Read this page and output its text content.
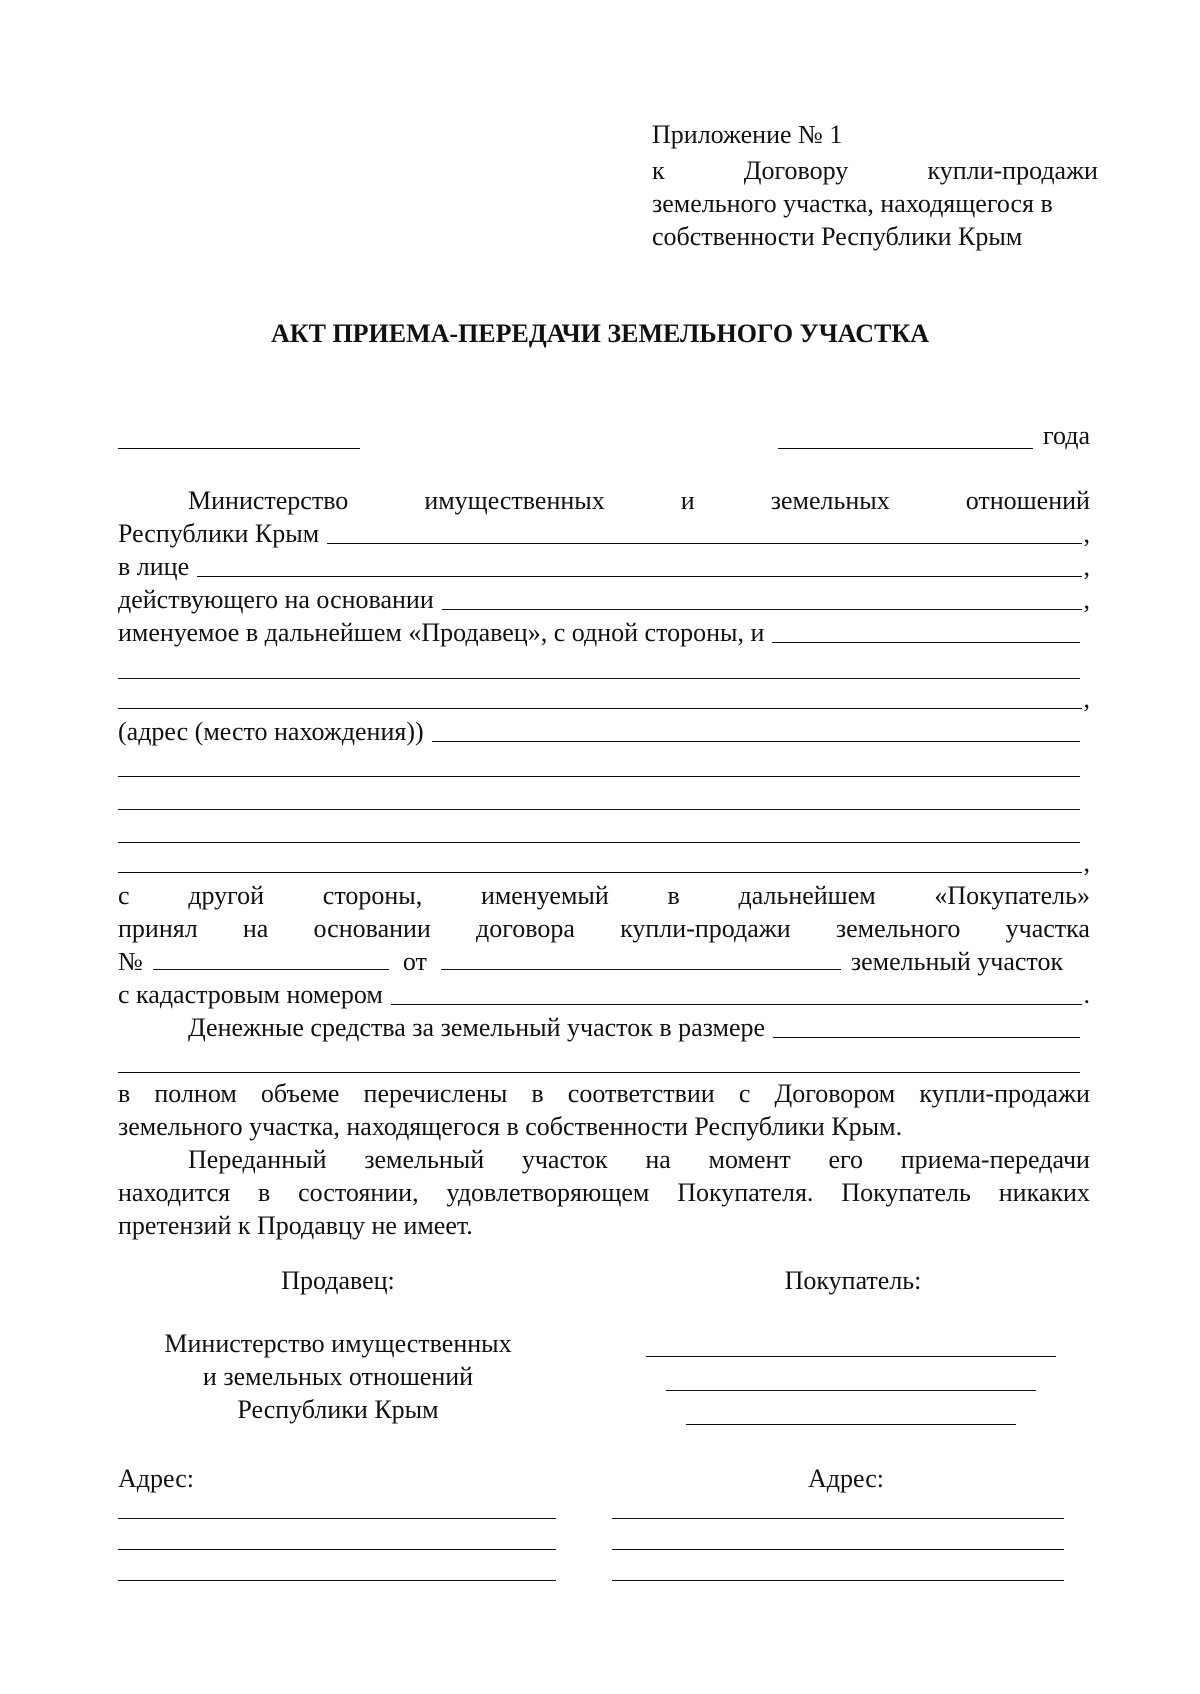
Приложение № 1
к	Договору	купли-продажи
земельного участка, находящегося в
собственности Республики Крым
АКТ ПРИЕМА-ПЕРЕДАЧИ ЗЕМЕЛЬНОГО УЧАСТКА
года
Министерство	имущественных	и	земельных	отношений
Республики Крым	,
в лице	,
действующего на основании	,
именуемое в дальнейшем «Продавец», с одной стороны, и
,
(адрес (место нахождения))
,
с другой стороны, именуемый в дальнейшем «Покупатель»
принял на основании договора купли-продажи земельного участка
№	от	земельный участок
с кадастровым номером	.
Денежные средства за земельный участок в размере
в полном объеме перечислены в соответствии с Договором купли-продажи
земельного участка, находящегося в собственности Республики Крым.
Переданный земельный участок на момент его приема-передачи
находится в состоянии, удовлетворяющем Покупателя. Покупатель никаких
претензий к Продавцу не имеет.
Продавец:	Покупатель:
Министерство имущественных
и земельных отношений
Республики Крым
Адрес:	Адрес:
